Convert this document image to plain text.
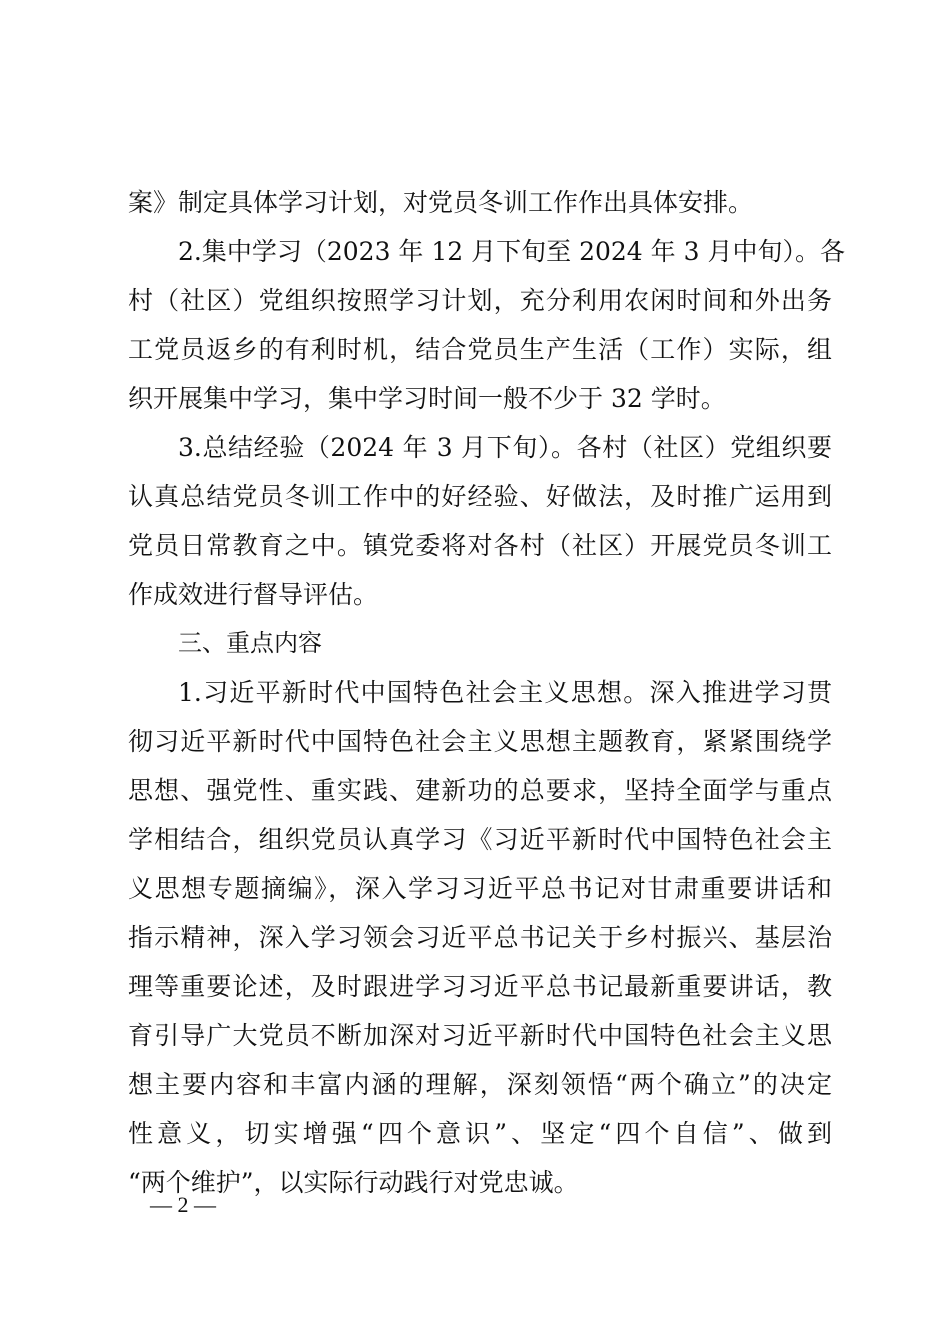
案》制定具体学习计划，对党员冬训工作作出具体安排。
2.集中学习（2023 年 12 月下旬至 2024 年 3 月中旬）。各
村（社区）党组织按照学习计划，充分利用农闲时间和外出务
工党员返乡的有利时机，结合党员生产生活（工作）实际，组
织开展集中学习，集中学习时间一般不少于 32 学时。
3.总结经验（2024 年 3 月下旬）。各村（社区）党组织要
认真总结党员冬训工作中的好经验、好做法，及时推广运用到
党员日常教育之中。镇党委将对各村（社区）开展党员冬训工
作成效进行督导评估。
三、重点内容
1.习近平新时代中国特色社会主义思想。深入推进学习贯
彻习近平新时代中国特色社会主义思想主题教育，紧紧围绕学
思想、强党性、重实践、建新功的总要求，坚持全面学与重点
学相结合，组织党员认真学习《习近平新时代中国特色社会主
义思想专题摘编》，深入学习习近平总书记对甘肃重要讲话和
指示精神，深入学习领会习近平总书记关于乡村振兴、基层治
理等重要论述，及时跟进学习习近平总书记最新重要讲话，教
育引导广大党员不断加深对习近平新时代中国特色社会主义思
想主要内容和丰富内涵的理解，深刻领悟“两个确立”的决定
性意义，切实增强“四个意识”、坚定“四个自信”、做到
“两个维护”，以实际行动践行对党忠诚。
— 2 —
